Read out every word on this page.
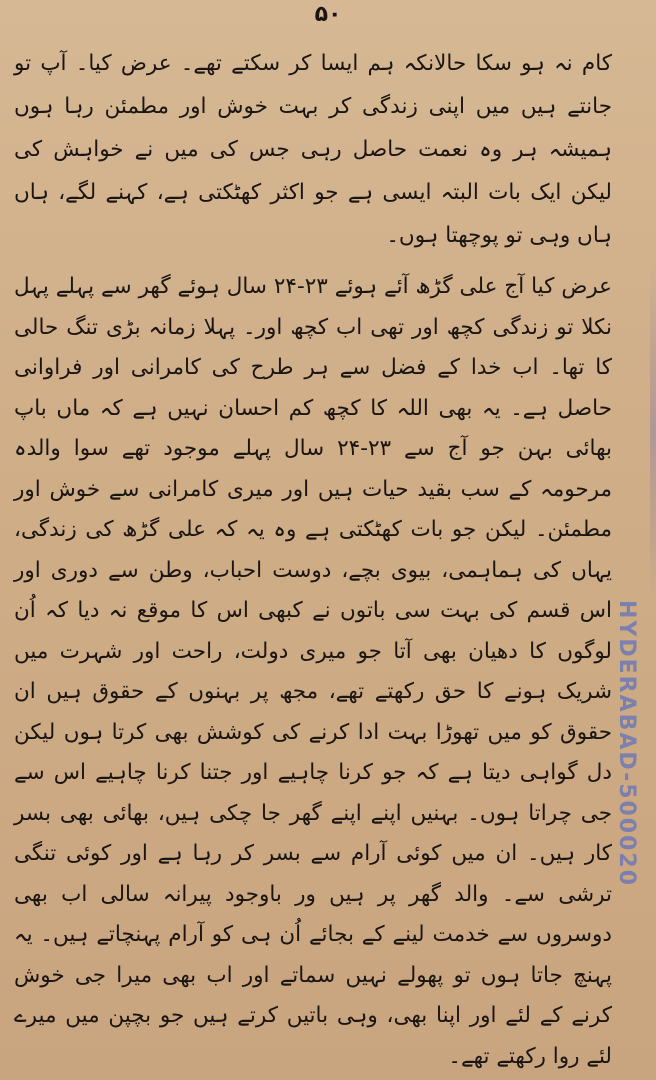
۵۰

کام نہ ہو سکا حالانکہ ہم ایسا کر سکتے تھے۔ عرض کیا۔ آپ تو جانتے ہیں میں اپنی زندگی کر بہت خوش اور مطمئن رہا ہوں ہمیشہ ہر وہ نعمت حاصل رہی جس کی میں نے خواہش کی لیکن ایک بات البتہ ایسی ہے جو اکثر کھٹکتی ہے، کہنے لگے، ہاں ہاں وہی تو پوچھتا ہوں۔

عرض کیا آج علی گڑھ آئے ہوئے ۲۳-۲۴ سال ہوئے گھر سے پہلے پہل نکلا تو زندگی کچھ اور تھی اب کچھ اور۔ پہلا زمانہ بڑی تنگ حالی کا تھا۔ اب خدا کے فضل سے ہر طرح کی کامرانی اور فراوانی حاصل ہے۔ یہ بھی اللہ کا کچھ کم احسان نہیں ہے کہ ماں باپ بھائی بہن جو آج سے ۲۳-۲۴ سال پہلے موجود تھے سوا والدہ مرحومہ کے سب بقید حیات ہیں اور میری کامرانی سے خوش اور مطمئن۔ لیکن جو بات کھٹکتی ہے وہ یہ کہ علی گڑھ کی زندگی، یہاں کی ہماہمی، بیوی بچے، دوست احباب، وطن سے دوری اور اس قسم کی بہت سی باتوں نے کبھی اس کا موقع نہ دیا کہ اُن لوگوں کا دھیان بھی آتا جو میری دولت، راحت اور شہرت میں شریک ہونے کا حق رکھتے تھے، مجھ پر بہنوں کے حقوق ہیں ان حقوق کو میں تھوڑا بہت ادا کرنے کی کوشش بھی کرتا ہوں لیکن دل گواہی دیتا ہے کہ جو کرنا چاہیے اور جتنا کرنا چاہیے اس سے جی چراتا ہوں۔ بہنیں اپنے اپنے گھر جا چکی ہیں، بھائی بھی بسر کار ہیں۔ ان میں کوئی آرام سے بسر کر رہا ہے اور کوئی تنگی ترشی سے۔ والد گھر پر ہیں ور باوجود پیرانہ سالی اب بھی دوسروں سے خدمت لینے کے بجائے اُن ہی کو آرام پہنچاتے ہیں۔ یہ پہنچ جاتا ہوں تو پھولے نہیں سماتے اور اب بھی میرا جی خوش کرنے کے لئے اور اپنا بھی، وہی باتیں کرتے ہیں جو بچپن میں میرے لئے روا رکھتے تھے۔

HYDERABAD-500020
